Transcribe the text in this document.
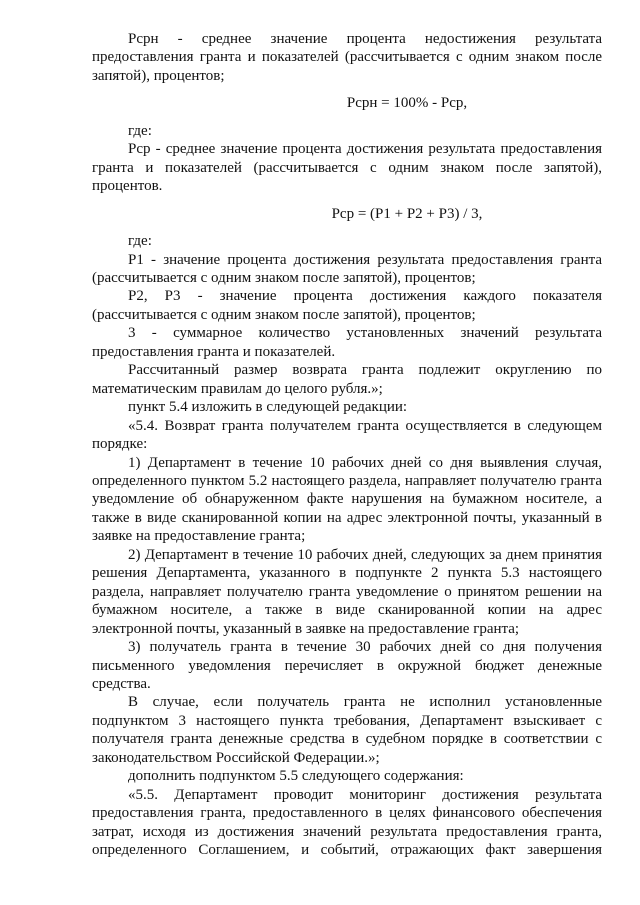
Рсрн - среднее значение процента недостижения результата предоставления гранта и показателей (рассчитывается с одним знаком после запятой), процентов;

Рсрн = 100% - Рср,

где:

Рср - среднее значение процента достижения результата предоставления гранта и показателей (рассчитывается с одним знаком после запятой), процентов.

Рср = (Р1 + Р2 + Р3) / 3,

где:

Р1 - значение процента достижения результата предоставления гранта (рассчитывается с одним знаком после запятой), процентов;

Р2, Р3 - значение процента достижения каждого показателя (рассчитывается с одним знаком после запятой), процентов;

3 - суммарное количество установленных значений результата предоставления гранта и показателей.

Рассчитанный размер возврата гранта подлежит округлению по математическим правилам до целого рубля.»;

пункт 5.4 изложить в следующей редакции:

«5.4. Возврат гранта получателем гранта осуществляется в следующем порядке:

1) Департамент в течение 10 рабочих дней со дня выявления случая, определенного пунктом 5.2 настоящего раздела, направляет получателю гранта уведомление об обнаруженном факте нарушения на бумажном носителе, а также в виде сканированной копии на адрес электронной почты, указанный в заявке на предоставление гранта;

2) Департамент в течение 10 рабочих дней, следующих за днем принятия решения Департамента, указанного в подпункте 2 пункта 5.3 настоящего раздела, направляет получателю гранта уведомление о принятом решении на бумажном носителе, а также в виде сканированной копии на адрес электронной почты, указанный в заявке на предоставление гранта;

3) получатель гранта в течение 30 рабочих дней со дня получения письменного уведомления перечисляет в окружной бюджет денежные средства.

В случае, если получатель гранта не исполнил установленные подпунктом 3 настоящего пункта требования, Департамент взыскивает с получателя гранта денежные средства в судебном порядке в соответствии с законодательством Российской Федерации.»;

дополнить подпунктом 5.5 следующего содержания:

«5.5. Департамент проводит мониторинг достижения результата предоставления гранта, предоставленного в целях финансового обеспечения затрат, исходя из достижения значений результата предоставления гранта, определенного Соглашением, и событий, отражающих факт завершения
